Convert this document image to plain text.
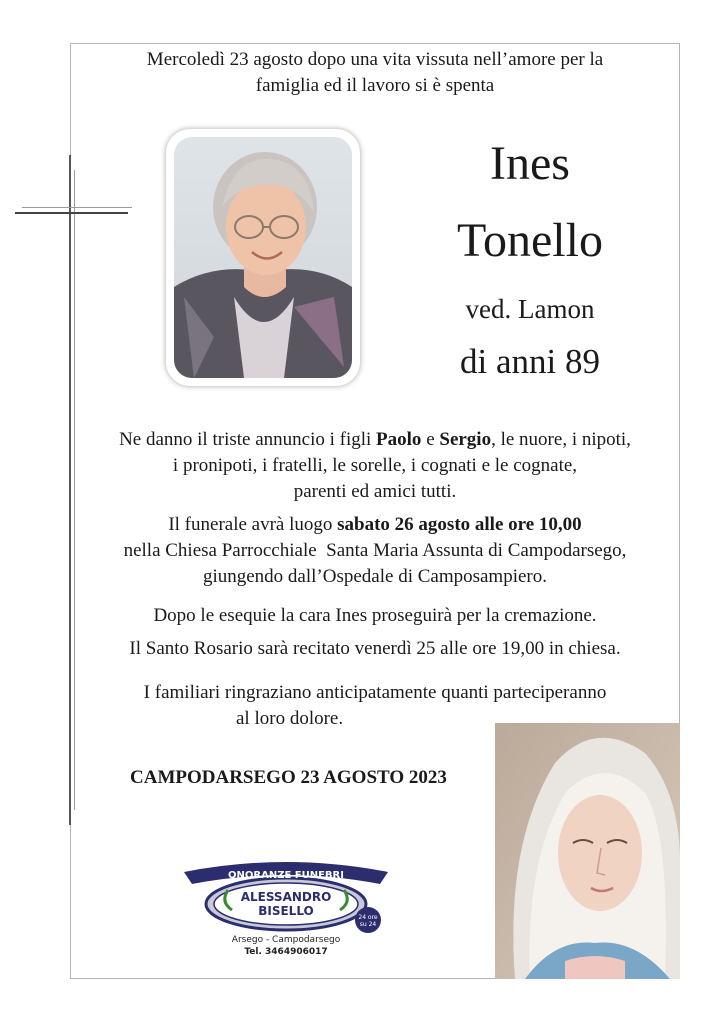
Mercoledì 23 agosto dopo una vita vissuta nell’amore per la
famiglia ed il lavoro si è spenta
Ines
Tonello
ved. Lamon
di anni 89
Ne danno il triste annuncio i figli Paolo e Sergio, le nuore, i nipoti,
i pronipoti, i fratelli, le sorelle, i cognati e le cognate,
parenti ed amici tutti.
Il funerale avrà luogo sabato 26 agosto alle ore 10,00
nella Chiesa Parrocchiale  Santa Maria Assunta di Campodarsego,
giungendo dall’Ospedale di Camposampiero.
Dopo le esequie la cara Ines proseguirà per la cremazione.
Il Santo Rosario sarà recitato venerdì 25 alle ore 19,00 in chiesa.
I familiari ringraziano anticipatamente quanti parteciperanno
al loro dolore.
CAMPODARSEGO 23 AGOSTO 2023
ONORANZE FUNEBRI
ALESSANDRO
BISELLO	24 ore
su 24
Arsego - Campodarsego
Tel. 3464906017
